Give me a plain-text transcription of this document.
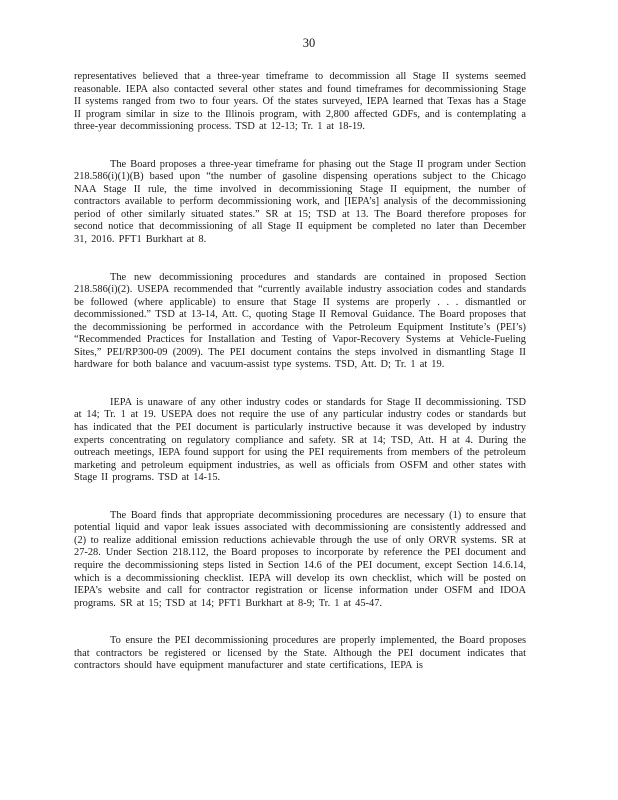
30

representatives believed that a three-year timeframe to decommission all Stage II systems seemed reasonable. IEPA also contacted several other states and found timeframes for decommissioning Stage II systems ranged from two to four years. Of the states surveyed, IEPA learned that Texas has a Stage II program similar in size to the Illinois program, with 2,800 affected GDFs, and is contemplating a three-year decommissioning process. TSD at 12-13; Tr. 1 at 18-19.

The Board proposes a three-year timeframe for phasing out the Stage II program under Section 218.586(i)(1)(B) based upon “the number of gasoline dispensing operations subject to the Chicago NAA Stage II rule, the time involved in decommissioning Stage II equipment, the number of contractors available to perform decommissioning work, and [IEPA’s] analysis of the decommissioning period of other similarly situated states.” SR at 15; TSD at 13. The Board therefore proposes for second notice that decommissioning of all Stage II equipment be completed no later than December 31, 2016. PFT1 Burkhart at 8.

The new decommissioning procedures and standards are contained in proposed Section 218.586(i)(2). USEPA recommended that “currently available industry association codes and standards be followed (where applicable) to ensure that Stage II systems are properly . . . dismantled or decommissioned.” TSD at 13-14, Att. C, quoting Stage II Removal Guidance. The Board proposes that the decommissioning be performed in accordance with the Petroleum Equipment Institute’s (PEI’s) “Recommended Practices for Installation and Testing of Vapor-Recovery Systems at Vehicle-Fueling Sites,” PEI/RP300-09 (2009). The PEI document contains the steps involved in dismantling Stage II hardware for both balance and vacuum-assist type systems. TSD, Att. D; Tr. 1 at 19.

IEPA is unaware of any other industry codes or standards for Stage II decommissioning. TSD at 14; Tr. 1 at 19. USEPA does not require the use of any particular industry codes or standards but has indicated that the PEI document is particularly instructive because it was developed by industry experts concentrating on regulatory compliance and safety. SR at 14; TSD, Att. H at 4. During the outreach meetings, IEPA found support for using the PEI requirements from members of the petroleum marketing and petroleum equipment industries, as well as officials from OSFM and other states with Stage II programs. TSD at 14-15.

The Board finds that appropriate decommissioning procedures are necessary (1) to ensure that potential liquid and vapor leak issues associated with decommissioning are consistently addressed and (2) to realize additional emission reductions achievable through the use of only ORVR systems. SR at 27-28. Under Section 218.112, the Board proposes to incorporate by reference the PEI document and require the decommissioning steps listed in Section 14.6 of the PEI document, except Section 14.6.14, which is a decommissioning checklist. IEPA will develop its own checklist, which will be posted on IEPA’s website and call for contractor registration or license information under OSFM and IDOA programs. SR at 15; TSD at 14; PFT1 Burkhart at 8-9; Tr. 1 at 45-47.

To ensure the PEI decommissioning procedures are properly implemented, the Board proposes that contractors be registered or licensed by the State. Although the PEI document indicates that contractors should have equipment manufacturer and state certifications, IEPA is
